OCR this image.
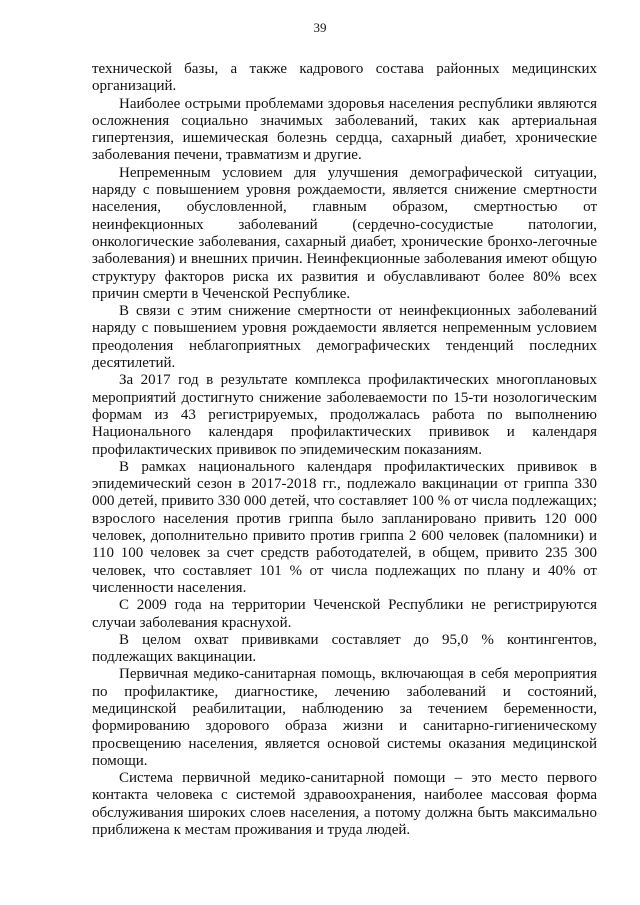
39

технической базы, а также кадрового состава районных медицинских организаций.

Наиболее острыми проблемами здоровья населения республики являются осложнения социально значимых заболеваний, таких как артериальная гипертензия, ишемическая болезнь сердца, сахарный диабет, хронические заболевания печени, травматизм и другие.

Непременным условием для улучшения демографической ситуации, наряду с повышением уровня рождаемости, является снижение смертности населения, обусловленной, главным образом, смертностью от неинфекционных заболеваний (сердечно-сосудистые патологии, онкологические заболевания, сахарный диабет, хронические бронхо-легочные заболевания) и внешних причин. Неинфекционные заболевания имеют общую структуру факторов риска их развития и обуславливают более 80% всех причин смерти в Чеченской Республике.

В связи с этим снижение смертности от неинфекционных заболеваний наряду с повышением уровня рождаемости является непременным условием преодоления неблагоприятных демографических тенденций последних десятилетий.

За 2017 год в результате комплекса профилактических многоплановых мероприятий достигнуто снижение заболеваемости по 15-ти нозологическим формам из 43 регистрируемых, продолжалась работа по выполнению Национального календаря профилактических прививок и календаря профилактических прививок по эпидемическим показаниям.

В рамках национального календаря профилактических прививок в эпидемический сезон в 2017-2018 гг., подлежало вакцинации от гриппа 330 000 детей, привито 330 000 детей, что составляет 100 % от числа подлежащих; взрослого населения против гриппа было запланировано привить 120 000 человек, дополнительно привито против гриппа 2 600 человек (паломники) и 110 100 человек за счет средств работодателей, в общем, привито 235 300 человек, что составляет 101 % от числа подлежащих по плану и 40% от численности населения.

С 2009 года на территории Чеченской Республики не регистрируются случаи заболевания краснухой.

В целом охват прививками составляет до 95,0 % контингентов, подлежащих вакцинации.

Первичная медико-санитарная помощь, включающая в себя мероприятия по профилактике, диагностике, лечению заболеваний и состояний, медицинской реабилитации, наблюдению за течением беременности, формированию здорового образа жизни и санитарно-гигиеническому просвещению населения, является основой системы оказания медицинской помощи.

Система первичной медико-санитарной помощи – это место первого контакта человека с системой здравоохранения, наиболее массовая форма обслуживания широких слоев населения, а потому должна быть максимально приближена к местам проживания и труда людей.
